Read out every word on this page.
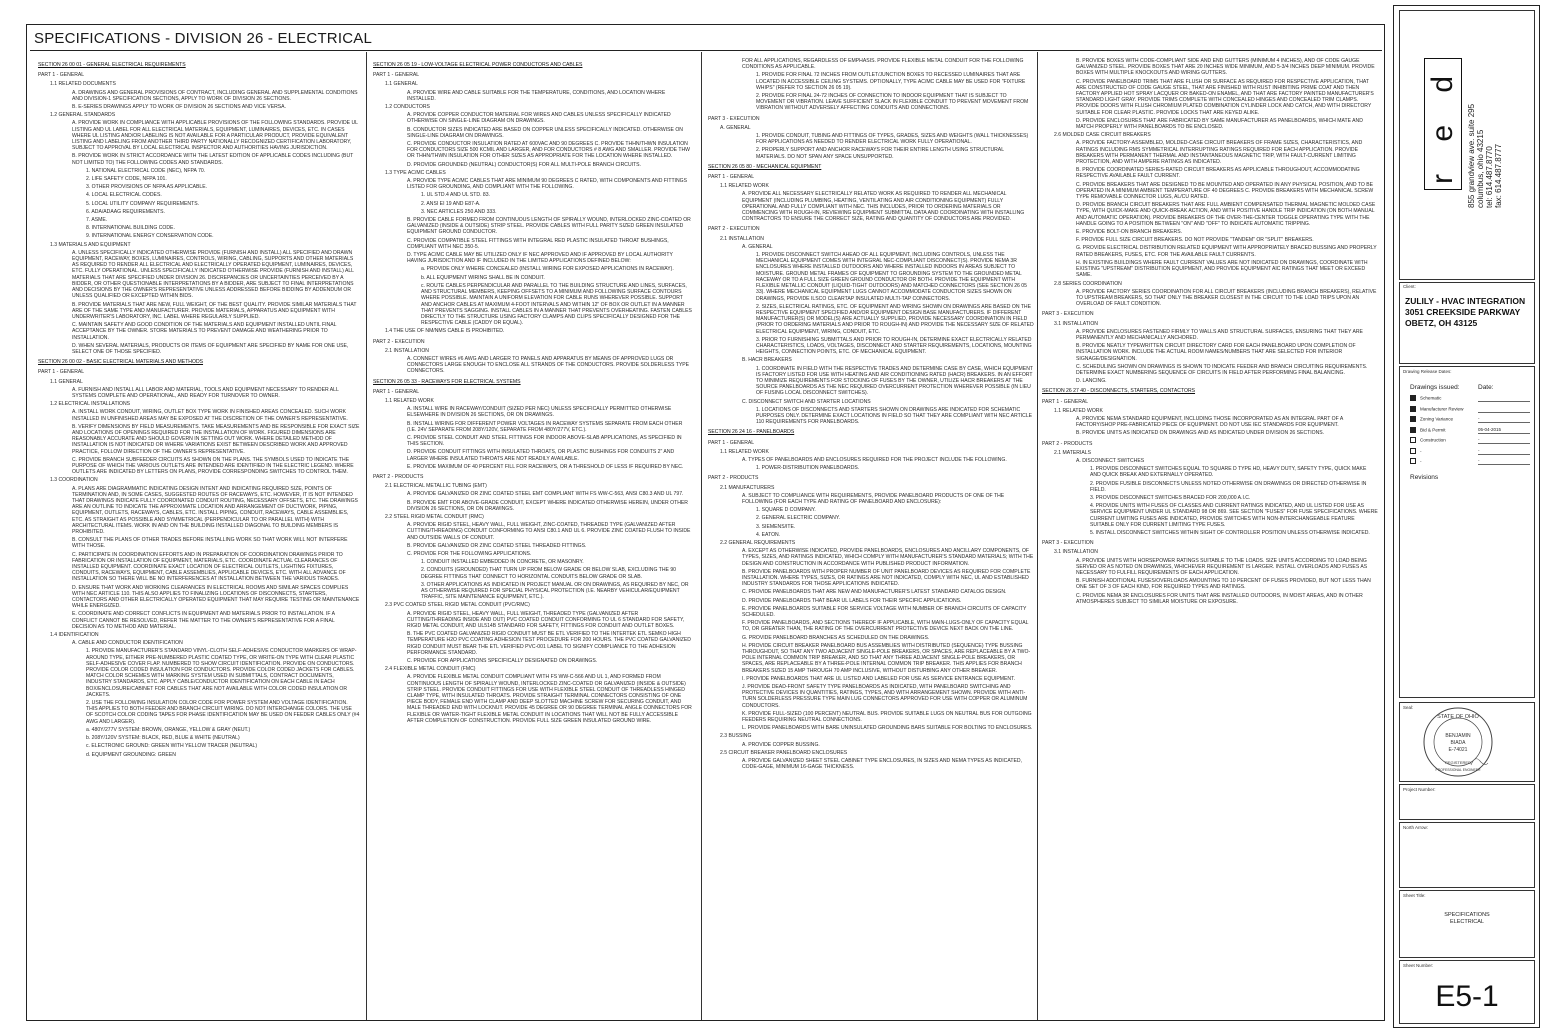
SPECIFICATIONS - DIVISION 26 - ELECTRICAL

SECTION 26 00 01 - GENERAL ELECTRICAL REQUIREMENTS

PART 1 - GENERAL

1.1 RELATED DOCUMENTS

A. DRAWINGS AND GENERAL PROVISIONS OF CONTRACT, INCLUDING GENERAL AND SUPPLEMENTAL CONDITIONS AND DIVISION-1 SPECIFICATION SECTIONS, APPLY TO WORK OF DIVISION 26 SECTIONS.

B. E-SERIES DRAWINGS APPLY TO WORK OF DIVISION 26 SECTIONS AND VICE VERSA.

1.2 GENERAL STANDARDS

A. PROVIDE WORK IN COMPLIANCE WITH APPLICABLE PROVISIONS OF THE FOLLOWING STANDARDS. PROVIDE UL LISTING AND UL LABEL FOR ALL ELECTRICAL MATERIALS, EQUIPMENT, LUMINAIRES, DEVICES, ETC. IN CASES WHERE UL LISTING AND/OR LABELING IS NOT AVAILABLE FOR A PARTICULAR PRODUCT, PROVIDE EQUIVALENT LISTING AND LABELING FROM ANOTHER THIRD PARTY NATIONALLY RECOGNIZED CERTIFICATION LABORATORY, SUBJECT TO APPROVAL BY LOCAL ELECTRICAL INSPECTOR AND AUTHORITIES HAVING JURISDICTION.

B. PROVIDE WORK IN STRICT ACCORDANCE WITH THE LATEST EDITION OF APPLICABLE CODES INCLUDING (BUT NOT LIMITED TO) THE FOLLOWING CODES AND STANDARDS.

1. NATIONAL ELECTRICAL CODE (NEC), NFPA 70.

2. LIFE SAFETY CODE, NFPA 101.

3. OTHER PROVISIONS OF NFPA AS APPLICABLE.

4. LOCAL ELECTRICAL CODES.

5. LOCAL UTILITY COMPANY REQUIREMENTS.

6. ADA/ADAAG REQUIREMENTS.

7. ASME.

8. INTERNATIONAL BUILDING CODE.

9. INTERNATIONAL ENERGY CONSERVATION CODE.

1.3 MATERIALS AND EQUIPMENT

A. UNLESS SPECIFICALLY INDICATED OTHERWISE PROVIDE (FURNISH AND INSTALL) ALL SPECIFIED AND DRAWN EQUIPMENT, RACEWAY, BOXES, LUMINAIRES, CONTROLS, WIRING, CABLING, SUPPORTS AND OTHER MATERIALS AS REQUIRED TO RENDER ALL ELECTRICAL AND ELECTRICALLY OPERATED EQUIPMENT, LUMINAIRES, DEVICES, ETC. FULLY OPERATIONAL. UNLESS SPECIFICALLY INDICATED OTHERWISE PROVIDE (FURNISH AND INSTALL) ALL MATERIALS THAT ARE SPECIFIED UNDER DIVISION 26. DISCREPANCIES OR UNCERTAINTIES PERCEIVED BY A BIDDER, OR OTHER QUESTIONABLE INTERPRETATIONS BY A BIDDER, ARE SUBJECT TO FINAL INTERPRETATIONS AND DECISIONS BY THE OWNER'S REPRESENTATIVE UNLESS ADDRESSED BEFORE BIDDING BY ADDENDUM OR UNLESS QUALIFIED OR EXCEPTED WITHIN BIDS.

B. PROVIDE MATERIALS THAT ARE NEW, FULL WEIGHT, OF THE BEST QUALITY. PROVIDE SIMILAR MATERIALS THAT ARE OF THE SAME TYPE AND MANUFACTURER. PROVIDE MATERIALS, APPARATUS AND EQUIPMENT WITH UNDERWRITER'S LABORATORY, INC. LABEL WHERE REGULARLY SUPPLIED.

C. MAINTAIN SAFETY AND GOOD CONDITION OF THE MATERIALS AND EQUIPMENT INSTALLED UNTIL FINAL ACCEPTANCE BY THE OWNER. STORE MATERIALS TO PREVENT DAMAGE AND WEATHERING PRIOR TO INSTALLATION.

D. WHEN SEVERAL MATERIALS, PRODUCTS OR ITEMS OF EQUIPMENT ARE SPECIFIED BY NAME FOR ONE USE, SELECT ONE OF THOSE SPECIFIED.

SECTION 26 00 02 - BASIC ELECTRICAL MATERIALS AND METHODS

PART 1 - GENERAL

1.1 GENERAL

A. FURNISH AND INSTALL ALL LABOR AND MATERIAL, TOOLS AND EQUIPMENT NECESSARY TO RENDER ALL SYSTEMS COMPLETE AND OPERATIONAL, AND READY FOR TURNOVER TO OWNER.

1.2 ELECTRICAL INSTALLATIONS

A. INSTALL WORK CONDUIT, WIRING, OUTLET BOX TYPE WORK IN FINISHED AREAS CONCEALED. SUCH WORK INSTALLED IN UNFINISHED AREAS MAY BE EXPOSED AT THE DISCRETION OF THE OWNER'S REPRESENTATIVE.

B. VERIFY DIMENSIONS BY FIELD MEASUREMENTS. TAKE MEASUREMENTS AND BE RESPONSIBLE FOR EXACT SIZE AND LOCATIONS OF OPENINGS REQUIRED FOR THE INSTALLATION OF WORK. FIGURED DIMENSIONS ARE REASONABLY ACCURATE AND SHOULD GOVERN IN SETTING OUT WORK. WHERE DETAILED METHOD OF INSTALLATION IS NOT INDICATED OR WHERE VARIATIONS EXIST BETWEEN DESCRIBED WORK AND APPROVED PRACTICE, FOLLOW DIRECTION OF THE OWNER'S REPRESENTATIVE.

C. PROVIDE BRANCH SUBFEEDER CIRCUITS AS SHOWN ON THE PLANS. THE SYMBOLS USED TO INDICATE THE PURPOSE OF WHICH THE VARIOUS OUTLETS ARE INTENDED ARE IDENTIFIED IN THE ELECTRIC LEGEND. WHERE OUTLETS ARE INDICATED BY LETTERS ON PLANS, PROVIDE CORRESPONDING SWITCHES TO CONTROL THEM.

1.3 COORDINATION

A. PLANS ARE DIAGRAMMATIC INDICATING DESIGN INTENT AND INDICATING REQUIRED SIZE, POINTS OF TERMINATION AND, IN SOME CASES, SUGGESTED ROUTES OF RACEWAYS, ETC. HOWEVER, IT IS NOT INTENDED THAT DRAWINGS INDICATE FULLY COORDINATED CONDUIT ROUTING, NECESSARY OFFSETS, ETC. THE DRAWINGS ARE AN OUTLINE TO INDICATE THE APPROXIMATE LOCATION AND ARRANGEMENT OF DUCTWORK, PIPING, EQUIPMENT, OUTLETS, RACEWAYS, CABLES, ETC. INSTALL PIPING, CONDUIT, RACEWAYS, CABLE ASSEMBLIES, ETC. AS STRAIGHT AS POSSIBLE AND SYMMETRICAL (PERPENDICULAR TO OR PARALLEL WITH) WITH ARCHITECTURAL ITEMS. WORK IN AND ON THE BUILDING INSTALLED DIAGONAL TO BUILDING MEMBERS IS PROHIBITED.

B. CONSULT THE PLANS OF OTHER TRADES BEFORE INSTALLING WORK SO THAT WORK WILL NOT INTERFERE WITH THOSE.

C. PARTICIPATE IN COORDINATION EFFORTS AND IN PREPARATION OF COORDINATION DRAWINGS PRIOR TO FABRICATION OR INSTALLATION OF EQUIPMENT, MATERIALS, ETC. COORDINATE ACTUAL CLEARANCES OF INSTALLED EQUIPMENT. COORDINATE EXACT LOCATION OF ELECTRICAL OUTLETS, LIGHTING FIXTURES, CONDUITS, RACEWAYS, EQUIPMENT, CABLE ASSEMBLIES, APPLICABLE DEVICES, ETC. WITH ALL ADVANCE OF INSTALLATION SO THERE WILL BE NO INTERFERENCES AT INSTALLATION BETWEEN THE VARIOUS TRADES.

D. ENSURE THAT WORK AND WORKING CLEARANCES IN ELECTRICAL ROOMS AND SIMILAR SPACES COMPLIES WITH NEC ARTICLE 110. THIS ALSO APPLIES TO FINALIZING LOCATIONS OF DISCONNECTS, STARTERS, CONTACTORS AND OTHER ELECTRICALLY OPERATED EQUIPMENT THAT MAY REQUIRE TESTING OR MAINTENANCE WHILE ENERGIZED.

E. COORDINATE AND CORRECT CONFLICTS IN EQUIPMENT AND MATERIALS PRIOR TO INSTALLATION. IF A CONFLICT CANNOT BE RESOLVED, REFER THE MATTER TO THE OWNER'S REPRESENTATIVE FOR A FINAL DECISION AS TO METHOD AND MATERIAL.

1.4 IDENTIFICATION

A. CABLE AND CONDUCTOR IDENTIFICATION

1. PROVIDE MANUFACTURER'S STANDARD VINYL-CLOTH SELF-ADHESIVE CONDUCTOR MARKERS OF WRAP-AROUND TYPE, EITHER PRE-NUMBERED PLASTIC COATED TYPE, OR WRITE-ON TYPE WITH CLEAR PLASTIC SELF-ADHESIVE COVER FLAP. NUMBERED TO SHOW CIRCUIT IDENTIFICATION. PROVIDE ON CONDUCTORS. PROVIDE COLOR CODED INSULATION FOR CONDUCTORS. PROVIDE COLOR CODED JACKETS FOR CABLES. MATCH COLOR SCHEMES WITH MARKING SYSTEM USED IN SUBMITTALS, CONTRACT DOCUMENTS, INDUSTRY STANDARDS, ETC. APPLY CABLE/CONDUCTOR IDENTIFICATION ON EACH CABLE IN EACH BOX/ENCLOSURE/CABINET FOR CABLES THAT ARE NOT AVAILABLE WITH COLOR CODED INSULATION OR JACKETS.

2. USE THE FOLLOWING INSULATION COLOR CODE FOR POWER SYSTEM AND VOLTAGE IDENTIFICATION. THIS APPLIES TO BOTH FEEDER AND BRANCH CIRCUIT WIRING. DO NOT INTERCHANGE COLORS. THE USE OF SCOTCH COLOR CODING TAPES FOR PHASE IDENTIFICATION MAY BE USED ON FEEDER CABLES ONLY (#4 AWG AND LARGER).

a. 480Y/277V SYSTEM: BROWN, ORANGE, YELLOW & GRAY (NEUT.)

b. 208Y/120V SYSTEM: BLACK, RED, BLUE & WHITE (NEUTRAL)

c. ELECTRONIC GROUND: GREEN WITH YELLOW TRACER (NEUTRAL)

d. EQUIPMENT GROUNDING: GREEN

SECTION 26 05 19 - LOW-VOLTAGE ELECTRICAL POWER CONDUCTORS AND CABLES

PART 1 - GENERAL

1.1 GENERAL

A. PROVIDE WIRE AND CABLE SUITABLE FOR THE TEMPERATURE, CONDITIONS, AND LOCATION WHERE INSTALLED.

1.2 CONDUCTORS

A. PROVIDE COPPER CONDUCTOR MATERIAL FOR WIRES AND CABLES UNLESS SPECIFICALLY INDICATED OTHERWISE ON SINGLE-LINE DIAGRAM ON DRAWINGS.

B. CONDUCTOR SIZES INDICATED ARE BASED ON COPPER UNLESS SPECIFICALLY INDICATED. OTHERWISE ON SINGLE-LINE DIAGRAM ON DRAWINGS.

C. PROVIDE CONDUCTOR INSULATION RATED AT 600VAC AND 90 DEGREES C. PROVIDE THHN/THWN INSULATION FOR CONDUCTORS SIZE 500 KCMIL AND LARGER, AND FOR CONDUCTORS # 8 AWG AND SMALLER. PROVIDE THW OR THHN/THWN INSULATION FOR OTHER SIZES AS APPROPRIATE FOR THE LOCATION WHERE INSTALLED.

D. PROVIDE GROUNDED (NEUTRAL) CONDUCTOR(S) FOR ALL MULTI-POLE BRANCH CIRCUITS.

1.3 TYPE AC/MC CABLES

A. PROVIDE TYPE AC/MC CABLES THAT ARE MINIMUM 90 DEGREES C RATED, WITH COMPONENTS AND FITTINGS LISTED FOR GROUNDING, AND COMPLIANT WITH THE FOLLOWING.

1. UL STD.4 AND UL STD. 83.

2. ANSI EI 19 AND E87-A.

3. NEC ARTICLES 250 AND 333.

B. PROVIDE CABLE FORMED FROM CONTINUOUS LENGTH OF SPIRALLY WOUND, INTERLOCKED ZINC-COATED OR GALVANIZED (INSIDE & OUTSIDE) STRIP STEEL. PROVIDE CABLES WITH FULL PARITY SIZED GREEN INSULATED EQUIPMENT GROUND CONDUCTOR.

C. PROVIDE COMPATIBLE STEEL FITTINGS WITH INTEGRAL RED PLASTIC INSULATED THROAT BUSHINGS, COMPLIANT WITH NEC 350-5.

D. TYPE AC/MC CABLE MAY BE UTILIZED ONLY IF NEC APPROVED AND IF APPROVED BY LOCAL AUTHORITY HAVING JURISDICTION AND IF INCLUDED IN THE LIMITED APPLICATIONS DEFINED BELOW:

a. PROVIDE ONLY WHERE CONCEALED (INSTALL WIRING FOR EXPOSED APPLICATIONS IN RACEWAY).

b. ALL EQUIPMENT WIRING SHALL BE IN CONDUIT.

c. ROUTE CABLES PERPENDICULAR AND PARALLEL TO THE BUILDING STRUCTURE AND LINES, SURFACES, AND STRUCTURAL MEMBERS, KEEPING OFFSETS TO A MINIMUM AND FOLLOWING SURFACE CONTOURS WHERE POSSIBLE. MAINTAIN A UNIFORM ELEVATION FOR CABLE RUNS WHEREVER POSSIBLE. SUPPORT AND ANCHOR CABLES AT MAXIMUM 4-FOOT INTERVALS AND WITHIN 12" OF BOX OR OUTLET IN A MANNER THAT PREVENTS SAGGING. INSTALL CABLES IN A MANNER THAT PREVENTS OVERHEATING. FASTEN CABLES DIRECTLY TO THE STRUCTURE USING FACTORY CLAMPS AND CLIPS SPECIFICALLY DESIGNED FOR THE RESPECTIVE CABLE (CADDY OR EQUAL).

1.4 THE USE OF NM/NMS CABLE IS PROHIBITED.

PART 2 - EXECUTION

2.1 INSTALLATION

A. CONNECT WIRES #6 AWG AND LARGER TO PANELS AND APPARATUS BY MEANS OF APPROVED LUGS OR CONNECTORS LARGE ENOUGH TO ENCLOSE ALL STRANDS OF THE CONDUCTORS. PROVIDE SOLDERLESS TYPE CONNECTORS.

SECTION 26 05 33 - RACEWAYS FOR ELECTRICAL SYSTEMS

PART 1 - GENERAL

1.1 RELATED WORK

A. INSTALL WIRE IN RACEWAY/CONDUIT (SIZED PER NEC) UNLESS SPECIFICALLY PERMITTED OTHERWISE ELSEWHERE IN DIVISION 26 SECTIONS, OR ON DRAWINGS.

B. INSTALL WIRING FOR DIFFERENT POWER VOLTAGES IN RACEWAY SYSTEMS SEPARATE FROM EACH OTHER (I.E. 24V SEPARATE FROM 208Y/120V, SEPARATE FROM 480Y/277V, ETC.).

C. PROVIDE STEEL CONDUIT AND STEEL FITTINGS FOR INDOOR ABOVE-SLAB APPLICATIONS, AS SPECIFIED IN THIS SECTION.

D. PROVIDE CONDUIT FITTINGS WITH INSULATED THROATS, OR PLASTIC BUSHINGS FOR CONDUITS 2" AND LARGER WHERE INSULATED THROATS ARE NOT READILY AVAILABLE.

E. PROVIDE MAXIMUM OF 40 PERCENT FILL FOR RACEWAYS, OR A THRESHOLD OF LESS IF REQUIRED BY NEC.

PART 2 - PRODUCTS

2.1 ELECTRICAL METALLIC TUBING (EMT)

A. PROVIDE GALVANIZED OR ZINC COATED STEEL EMT COMPLIANT WITH FS WW-C-563, ANSI C80.3 AND UL 797.

B. PROVIDE EMT FOR ABOVE-GRADE CONDUIT, EXCEPT WHERE INDICATED OTHERWISE HEREIN, UNDER OTHER DIVISION 26 SECTIONS, OR ON DRAWINGS.

2.2 STEEL RIGID METAL CONDUIT (RMC)

A. PROVIDE RIGID STEEL, HEAVY WALL, FULL WEIGHT, ZINC-COATED, THREADED TYPE (GALVANIZED AFTER CUTTING/THREADING) CONDUIT CONFORMING TO ANSI C80.1 AND UL 6. PROVIDE ZINC COATED FLUSH TO INSIDE AND OUTSIDE WALLS OF CONDUIT.

B. PROVIDE GALVANIZED OR ZINC COATED STEEL THREADED FITTINGS.

C. PROVIDE FOR THE FOLLOWING APPLICATIONS.

1. CONDUIT INSTALLED EMBEDDED IN CONCRETE, OR MASONRY.

2. CONDUITS (GROUNDED) THAT TURN UP FROM BELOW GRADE OR BELOW SLAB, EXCLUDING THE 90 DEGREE FITTINGS THAT CONNECT TO HORIZONTAL CONDUITS BELOW GRADE OR SLAB.

3. OTHER APPLICATIONS AS INDICATED IN PROJECT MANUAL OR ON DRAWINGS, AS REQUIRED BY NEC, OR AS OTHERWISE REQUIRED FOR SPECIAL PHYSICAL PROTECTION (I.E. NEARBY VEHICULAR/EQUIPMENT TRAFFIC, SITE MAINTENANCE EQUIPMENT, ETC.).

2.3 PVC COATED STEEL RIGID METAL CONDUIT (PVC/RMC)

A. PROVIDE RIGID STEEL, HEAVY WALL, FULL WEIGHT, THREADED TYPE (GALVANIZED AFTER CUTTING/THREADING INSIDE AND OUT) PVC COATED CONDUIT CONFORMING TO UL 6 STANDARD FOR SAFETY, RIGID METAL CONDUIT, AND UL514B STANDARD FOR SAFETY, FITTINGS FOR CONDUIT AND OUTLET BOXES.

B. THE PVC COATED GALVANIZED RIGID CONDUIT MUST BE ETL VERIFIED TO THE INTERTEK ETL SEMKO HIGH TEMPERATURE H2O PVC COATING ADHESION TEST PROCEDURE FOR 200 HOURS. THE PVC COATED GALVANIZED RIGID CONDUIT MUST BEAR THE ETL VERIFIED PVC-001 LABEL TO SIGNIFY COMPLIANCE TO THE ADHESION PERFORMANCE STANDARD.

C. PROVIDE FOR APPLICATIONS SPECIFICALLY DESIGNATED ON DRAWINGS.

2.4 FLEXIBLE METAL CONDUIT (FMC)

A. PROVIDE FLEXIBLE METAL CONDUIT COMPLIANT WITH FS WW-C-566 AND UL 1, AND FORMED FROM CONTINUOUS LENGTH OF SPIRALLY WOUND, INTERLOCKED ZINC-COATED OR GALVANIZED (INSIDE & OUTSIDE) STRIP STEEL. PROVIDE CONDUIT FITTINGS FOR USE WITH FLEXIBLE STEEL CONDUIT OF THREADLESS HINGED CLAMP TYPE, WITH INSULATED THROATS. PROVIDE STRAIGHT TERMINAL CONNECTORS CONSISTING OF ONE PIECE BODY, FEMALE END WITH CLAMP AND DEEP SLOTTED MACHINE SCREW FOR SECURING CONDUIT, AND MALE THREADED END WITH LOCKNUT. PROVIDE 45 DEGREE OR 90 DEGREE TERMINAL ANGLE CONNECTORS FOR FLEXIBLE OR WATER-TIGHT FLEXIBLE METAL CONDUIT IN LOCATIONS THAT WILL NOT BE FULLY ACCESSIBLE AFTER COMPLETION OF CONSTRUCTION. PROVIDE FULL SIZE GREEN INSULATED GROUND WIRE.

FOR ALL APPLICATIONS, REGARDLESS OF EMPHASIS. PROVIDE FLEXIBLE METAL CONDUIT FOR THE FOLLOWING CONDITIONS AS APPLICABLE.

1. PROVIDE FOR FINAL 72 INCHES FROM OUTLET/JUNCTION BOXES TO RECESSED LUMINAIRES THAT ARE LOCATED IN ACCESSIBLE CEILING SYSTEMS. OPTIONALLY, TYPE AC/MC CABLE MAY BE USED FOR "FIXTURE WHIPS" (REFER TO SECTION 26 05 19).

2. PROVIDE FOR FINAL 24-72 INCHES OF CONNECTION TO INDOOR EQUIPMENT THAT IS SUBJECT TO MOVEMENT OR VIBRATION. LEAVE SUFFICIENT SLACK IN FLEXIBLE CONDUIT TO PREVENT MOVEMENT FROM VIBRATION WITHOUT ADVERSELY AFFECTING CONDUITS AND CONNECTIONS.

PART 3 - EXECUTION

A. GENERAL

1. PROVIDE CONDUIT, TUBING AND FITTINGS OF TYPES, GRADES, SIZES AND WEIGHTS (WALL THICKNESSES) FOR APPLICATIONS AS NEEDED TO RENDER ELECTRICAL WORK FULLY OPERATIONAL.

2. PROPERLY SUPPORT AND ANCHOR RACEWAYS FOR THEIR ENTIRE LENGTH USING STRUCTURAL MATERIALS. DO NOT SPAN ANY SPACE UNSUPPORTED.

SECTION 26 05 80 - MECHANICAL EQUIPMENT

PART 1 - GENERAL

1.1 RELATED WORK

A. PROVIDE ALL NECESSARY ELECTRICALLY RELATED WORK AS REQUIRED TO RENDER ALL MECHANICAL EQUIPMENT (INCLUDING PLUMBING, HEATING, VENTILATING AND AIR CONDITIONING EQUIPMENT) FULLY OPERATIONAL AND FULLY COMPLIANT WITH NEC. THIS INCLUDES, PRIOR TO ORDERING MATERIALS OR COMMENCING WITH ROUGH-IN, REVIEWING EQUIPMENT SUBMITTAL DATA AND COORDINATING WITH INSTALLING CONTRACTORS TO ENSURE THE CORRECT SIZE, RATING AND QUANTITY OF CONDUCTORS ARE PROVIDED.

PART 2 - EXECUTION

2.1 INSTALLATION

A. GENERAL

1. PROVIDE DISCONNECT SWITCH AHEAD OF ALL EQUIPMENT, INCLUDING CONTROLS, UNLESS THE MECHANICAL EQUIPMENT COMES WITH INTEGRAL NEC-COMPLIANT DISCONNECT(S). PROVIDE NEMA 3R ENCLOSURES WHERE INSTALLED OUTDOORS AND WHERE INSTALLED INDOORS IN AREAS SUBJECT TO MOISTURE. GROUND METAL FRAMES OF EQUIPMENT TO GROUNDING SYSTEM TO THE GROUNDED METAL RACEWAY OR TO A FULL SIZE GREEN GROUND CONDUCTOR OR BOTH. PROVIDE THE EQUIPMENT WITH FLEXIBLE METALLIC CONDUIT (LIQUID-TIGHT OUTDOORS) AND MATCHED CONNECTORS (SEE SECTION 26 05 33). WHERE MECHANICAL EQUIPMENT LUGS CANNOT ACCOMMODATE CONDUCTOR SIZES SHOWN ON DRAWINGS, PROVIDE ILSCO CLEARTAP INSULATED MULTI-TAP CONNECTORS.

2. SIZES, ELECTRICAL RATINGS, ETC. OF EQUIPMENT AND WIRING SHOWN ON DRAWINGS ARE BASED ON THE RESPECTIVE EQUIPMENT SPECIFIED AND/OR EQUIPMENT DESIGN BASE MANUFACTURERS. IF DIFFERENT MANUFACTURER(S) OR MODEL(S) ARE ACTUALLY SUPPLIED, PROVIDE NECESSARY COORDINATION IN FIELD (PRIOR TO ORDERING MATERIALS AND PRIOR TO ROUGH-IN) AND PROVIDE THE NECESSARY SIZE OF RELATED ELECTRICAL EQUIPMENT, WIRING, CONDUIT, ETC.

3. PRIOR TO FURNISHING SUBMITTALS AND PRIOR TO ROUGH-IN, DETERMINE EXACT ELECTRICALLY RELATED CHARACTERISTICS, LOADS, VOLTAGES, DISCONNECT AND STARTER REQUIREMENTS, LOCATIONS, MOUNTING HEIGHTS, CONNECTION POINTS, ETC. OF MECHANICAL EQUIPMENT.

B. HACR BREAKERS

1. COORDINATE IN FIELD WITH THE RESPECTIVE TRADES AND DETERMINE CASE BY CASE, WHICH EQUIPMENT IS FACTORY LISTED FOR USE WITH HEATING AND AIR CONDITIONING RATED (HACR) BREAKERS. IN AN EFFORT TO MINIMIZE REQUIREMENTS FOR STOCKING OF FUSES BY THE OWNER, UTILIZE HACR BREAKERS AT THE SOURCE PANELBOARDS AS THE NEC REQUIRED OVERCURRENT PROTECTION WHEREVER POSSIBLE (IN LIEU OF FUSING LOCAL DISCONNECT SWITCHES).

C. DISCONNECT SWITCH AND STARTER LOCATIONS

1. LOCATIONS OF DISCONNECTS AND STARTERS SHOWN ON DRAWINGS ARE INDICATED FOR SCHEMATIC PURPOSES ONLY. DETERMINE EXACT LOCATIONS IN FIELD SO THAT THEY ARE COMPLIANT WITH NEC ARTICLE 110 REQUIREMENTS FOR PANELBOARDS.

SECTION 26 24 16 - PANELBOARDS

PART 1 - GENERAL

1.1 RELATED WORK

A. TYPES OF PANELBOARDS AND ENCLOSURES REQUIRED FOR THE PROJECT INCLUDE THE FOLLOWING.

1. POWER-DISTRIBUTION PANELBOARDS.

PART 2 - PRODUCTS

2.1 MANUFACTURERS

A. SUBJECT TO COMPLIANCE WITH REQUIREMENTS, PROVIDE PANELBOARD PRODUCTS OF ONE OF THE FOLLOWING (FOR EACH TYPE AND RATING OF PANELBOARD AND ENCLOSURE):

1. SQUARE D COMPANY.

2. GENERAL ELECTRIC COMPANY.

3. SIEMENS/ITE.

4. EATON.

2.2 GENERAL REQUIREMENTS

A. EXCEPT AS OTHERWISE INDICATED, PROVIDE PANELBOARDS, ENCLOSURES AND ANCILLARY COMPONENTS, OF TYPES, SIZES, AND RATINGS INDICATED, WHICH COMPLY WITH MANUFACTURER'S STANDARD MATERIALS; WITH THE DESIGN AND CONSTRUCTION IN ACCORDANCE WITH PUBLISHED PRODUCT INFORMATION.

B. PROVIDE PANELBOARDS WITH PROPER NUMBER OF UNIT PANELBOARD DEVICES AS REQUIRED FOR COMPLETE INSTALLATION. WHERE TYPES, SIZES, OR RATINGS ARE NOT INDICATED, COMPLY WITH NEC, UL AND ESTABLISHED INDUSTRY STANDARDS FOR THOSE APPLICATIONS INDICATED.

C. PROVIDE PANELBOARDS THAT ARE NEW AND MANUFACTURER'S LATEST STANDARD CATALOG DESIGN.

D. PROVIDE PANELBOARDS THAT BEAR UL LABELS FOR THEIR SPECIFIC APPLICATIONS.

E. PROVIDE PANELBOARDS SUITABLE FOR SERVICE VOLTAGE WITH NUMBER OF BRANCH CIRCUITS OF CAPACITY SCHEDULED.

F. PROVIDE PANELBOARDS, AND SECTIONS THEREOF IF APPLICABLE, WITH MAIN-LUGS-ONLY OF CAPACITY EQUAL TO, OR GREATER THAN, THE RATING OF THE OVERCURRENT PROTECTIVE DEVICE NEXT BACK ON THE LINE.

G. PROVIDE PANELBOARD BRANCHES AS SCHEDULED ON THE DRAWINGS.

H. PROVIDE CIRCUIT BREAKER PANELBOARD BUS ASSEMBLIES WITH DISTRIBUTED (SEQUENCE) TYPE BUSSING THROUGHOUT, SO THAT ANY TWO ADJACENT SINGLE-POLE BREAKERS, OR SPACES, ARE REPLACEABLE BY A TWO-POLE INTERNAL COMMON TRIP BREAKER, AND SO THAT ANY THREE ADJACENT SINGLE-POLE BREAKERS, OR SPACES, ARE REPLACEABLE BY A THREE-POLE INTERNAL COMMON TRIP BREAKER. THIS APPLIES FOR BRANCH BREAKERS SIZED 15 AMP THROUGH 70 AMP INCLUSIVE, WITHOUT DISTURBING ANY OTHER BREAKER.

I. PROVIDE PANELBOARDS THAT ARE UL LISTED AND LABELED FOR USE AS SERVICE ENTRANCE EQUIPMENT.

J. PROVIDE DEAD-FRONT SAFETY TYPE PANELBOARDS AS INDICATED, WITH PANELBOARD SWITCHING AND PROTECTIVE DEVICES IN QUANTITIES, RATINGS, TYPES, AND WITH ARRANGEMENT SHOWN. PROVIDE WITH ANTI-TURN SOLDERLESS PRESSURE TYPE MAIN LUG CONNECTORS APPROVED FOR USE WITH COPPER OR ALUMINUM CONDUCTORS.

K. PROVIDE FULL-SIZED (100 PERCENT) NEUTRAL BUS. PROVIDE SUITABLE LUGS ON NEUTRAL BUS FOR OUTGOING FEEDERS REQUIRING NEUTRAL CONNECTIONS.

L. PROVIDE PANELBOARDS WITH BARE UNINSULATED GROUNDING BARS SUITABLE FOR BOLTING TO ENCLOSURES.

2.3 BUSSING

A. PROVIDE COPPER BUSSING.

2.5 CIRCUIT BREAKER PANELBOARD ENCLOSURES

A. PROVIDE GALVANIZED SHEET STEEL CABINET TYPE ENCLOSURES, IN SIZES AND NEMA TYPES AS INDICATED, CODE-GAGE, MINIMUM 16-GAGE THICKNESS.

B. PROVIDE BOXES WITH CODE-COMPLIANT SIDE AND END GUTTERS (MINIMUM 4 INCHES), AND OF CODE GAUGE GALVANIZED STEEL. PROVIDE BOXES THAT ARE 20 INCHES WIDE MINIMUM, AND 5-3/4 INCHES DEEP MINIMUM. PROVIDE BOXES WITH MULTIPLE KNOCKOUTS AND WIRING GUTTERS.

C. PROVIDE PANELBOARD TRIMS THAT ARE FLUSH OR SURFACE AS REQUIRED FOR RESPECTIVE APPLICATION, THAT ARE CONSTRUCTED OF CODE GAUGE STEEL, THAT ARE FINISHED WITH RUST INHIBITING PRIME COAT AND THEN FACTORY APPLIED HOT SPRAY LACQUER OR BAKED-ON ENAMEL, AND THAT ARE FACTORY PAINTED MANUFACTURER'S STANDARD LIGHT GRAY. PROVIDE TRIMS COMPLETE WITH CONCEALED HINGES AND CONCEALED TRIM CLAMPS. PROVIDE DOORS WITH FLUSH CHROMIUM PLATED COMBINATION CYLINDER LOCK AND CATCH, AND WITH DIRECTORY SUITABLE FOR CLEAR PLASTIC. PROVIDE LOCKS THAT ARE KEYED ALIKE.

D. PROVIDE ENCLOSURES THAT ARE FABRICATED BY SAME MANUFACTURER AS PANELBOARDS, WHICH MATE AND MATCH PROPERLY WITH PANELBOARDS TO BE ENCLOSED.

2.6 MOLDED CASE CIRCUIT BREAKERS

A. PROVIDE FACTORY-ASSEMBLED, MOLDED-CASE CIRCUIT BREAKERS OF FRAME SIZES, CHARACTERISTICS, AND RATINGS INCLUDING RMS SYMMETRICAL INTERRUPTING RATINGS REQUIRED FOR EACH APPLICATION. PROVIDE BREAKERS WITH PERMANENT THERMAL AND INSTANTANEOUS MAGNETIC TRIP, WITH FAULT-CURRENT LIMITING PROTECTION, AND WITH AMPERE RATINGS AS INDICATED.

B. PROVIDE COORDINATED SERIES-RATED CIRCUIT BREAKERS AS APPLICABLE THROUGHOUT, ACCOMMODATING RESPECTIVE AVAILABLE FAULT CURRENT.

C. PROVIDE BREAKERS THAT ARE DESIGNED TO BE MOUNTED AND OPERATED IN ANY PHYSICAL POSITION, AND TO BE OPERATED IN A MINIMUM AMBIENT TEMPERATURE OF 40 DEGREES C. PROVIDE BREAKERS WITH MECHANICAL SCREW TYPE REMOVABLE CONNECTOR LUGS, AL/CU RATED.

D. PROVIDE BRANCH CIRCUIT BREAKERS THAT ARE FULL AMBIENT COMPENSATED THERMAL MAGNETIC MOLDED CASE TYPE, WITH QUICK-MAKE AND QUICK-BREAK ACTION, AND WITH POSITIVE HANDLE TRIP INDICATION (ON BOTH MANUAL AND AUTOMATIC OPERATION). PROVIDE BREAKERS OF THE OVER-THE-CENTER TOGGLE OPERATING TYPE WITH THE HANDLE GOING TO A POSITION BETWEEN "ON" AND "OFF" TO INDICATE AUTOMATIC TRIPPING.

E. PROVIDE BOLT-ON BRANCH BREAKERS.

F. PROVIDE FULL SIZE CIRCUIT BREAKERS. DO NOT PROVIDE "TANDEM" OR "SPLIT" BREAKERS.

G. PROVIDE ELECTRICAL DISTRIBUTION RELATED EQUIPMENT WITH APPROPRIATELY BRACED BUSSING AND PROPERLY RATED BREAKERS, FUSES, ETC. FOR THE AVAILABLE FAULT CURRENTS.

H. IN EXISTING BUILDINGS WHERE FAULT CURRENT VALUES ARE NOT INDICATED ON DRAWINGS, COORDINATE WITH EXISTING "UPSTREAM" DISTRIBUTION EQUIPMENT, AND PROVIDE EQUIPMENT AIC RATINGS THAT MEET OR EXCEED SAME.

2.8 SERIES COORDINATION

A. PROVIDE FACTORY SERIES COORDINATION FOR ALL CIRCUIT BREAKERS (INCLUDING BRANCH BREAKERS), RELATIVE TO UPSTREAM BREAKERS, SO THAT ONLY THE BREAKER CLOSEST IN THE CIRCUIT TO THE LOAD TRIPS UPON AN OVERLOAD OF FAULT CONDITION.

PART 3 - EXECUTION

3.1 INSTALLATION

A. PROVIDE ENCLOSURES FASTENED FIRMLY TO WALLS AND STRUCTURAL SURFACES, ENSURING THAT THEY ARE PERMANENTLY AND MECHANICALLY ANCHORED.

B. PROVIDE NEATLY TYPEWRITTEN CIRCUIT DIRECTORY CARD FOR EACH PANELBOARD UPON COMPLETION OF INSTALLATION WORK. INCLUDE THE ACTUAL ROOM NAMES/NUMBERS THAT ARE SELECTED FOR INTERIOR SIGNAGE/DESIGNATION.

C. SCHEDULING SHOWN ON DRAWINGS IS SHOWN TO INDICATE FEEDER AND BRANCH CIRCUITING REQUIREMENTS. DETERMINE EXACT NUMBERING SEQUENCE OF CIRCUITS IN FIELD AFTER PERFORMING FINAL BALANCING.

D. LANCING.

SECTION 26 27 40 - DISCONNECTS, STARTERS, CONTACTORS

PART 1 - GENERAL

1.1 RELATED WORK

A. PROVIDE NEMA STANDARD EQUIPMENT, INCLUDING THOSE INCORPORATED AS AN INTEGRAL PART OF A FACTORY/SHOP PRE-FABRICATED PIECE OF EQUIPMENT. DO NOT USE IEC STANDARDS FOR EQUIPMENT.

B. PROVIDE UNITS AS INDICATED ON DRAWINGS AND AS INDICATED UNDER DIVISION 26 SECTIONS.

PART 2 - PRODUCTS

2.1 MATERIALS

A. DISCONNECT SWITCHES

1. PROVIDE DISCONNECT SWITCHES EQUAL TO SQUARE D TYPE HD, HEAVY DUTY, SAFETY TYPE, QUICK MAKE AND QUICK BREAK AND EXTERNALLY OPERATED.

2. PROVIDE FUSIBLE DISCONNECTS UNLESS NOTED OTHERWISE ON DRAWINGS OR DIRECTED OTHERWISE IN FIELD.

3. PROVIDE DISCONNECT SWITCHES BRACED FOR 200,000 A.I.C.

4. PROVIDE UNITS WITH FUSES OF CLASSES AND CURRENT RATINGS INDICATED, AND UL LISTED FOR USE AS SERVICE EQUIPMENT UNDER UL STANDARD 98 OR 869. SEE SECTION "FUSES" FOR FUSE SPECIFICATIONS. WHERE CURRENT LIMITING FUSES ARE INDICATED, PROVIDE SWITCHES WITH NON-INTERCHANGEABLE FEATURE SUITABLE ONLY FOR CURRENT LIMITING TYPE FUSES.

5. INSTALL DISCONNECT SWITCHES WITHIN SIGHT OF CONTROLLER POSITION UNLESS OTHERWISE INDICATED.

PART 3 - EXECUTION

3.1 INSTALLATION

A. PROVIDE UNITS WITH HORSEPOWER RATINGS SUITABLE TO THE LOADS. SIZE UNITS ACCORDING TO LOAD BEING SERVED OR AS NOTED ON DRAWINGS, WHICHEVER REQUIREMENT IS LARGER. INSTALL OVERLOADS AND FUSES AS NECESSARY TO FULFILL REQUIREMENTS OF EACH APPLICATION.

B. FURNISH ADDITIONAL FUSES/OVERLOADS AMOUNTING TO 10 PERCENT OF FUSES PROVIDED, BUT NOT LESS THAN ONE SET OF 3 OF EACH KIND, FOR REQUIRED TYPES AND RATINGS.

C. PROVIDE NEMA 3R ENCLOSURES FOR UNITS THAT ARE INSTALLED OUTDOORS, IN MOIST AREAS, AND IN OTHER ATMOSPHERES SUBJECT TO SIMILAR MOISTURE OR EXPOSURE.

r e d	855 grandview ave. suite 295 columbus, ohio 43215 tel: 614.487.8770 fax: 614.487.8777
Client:
ZULILY - HVAC INTEGRATION
3051 CREEKSIDE PARKWAY
OBETZ, OH 43125
Drawing Release Dates:
Drawings issued:	Date:
Schematic
Manufacturer Review
Zoning Variance	-
Bid & Permit	05-04-2015
Construction	-
-	-
-	-
Revisions
Seal:
STATE OF OHIO
BENJAMIN
BIADA
E-74021
REGISTERED
PROFESSIONAL ENGINEER
Project Number:
North Arrow:
Sheet Title:
SPECIFICATIONS
ELECTRICAL
Sheet Number:
E5-1
